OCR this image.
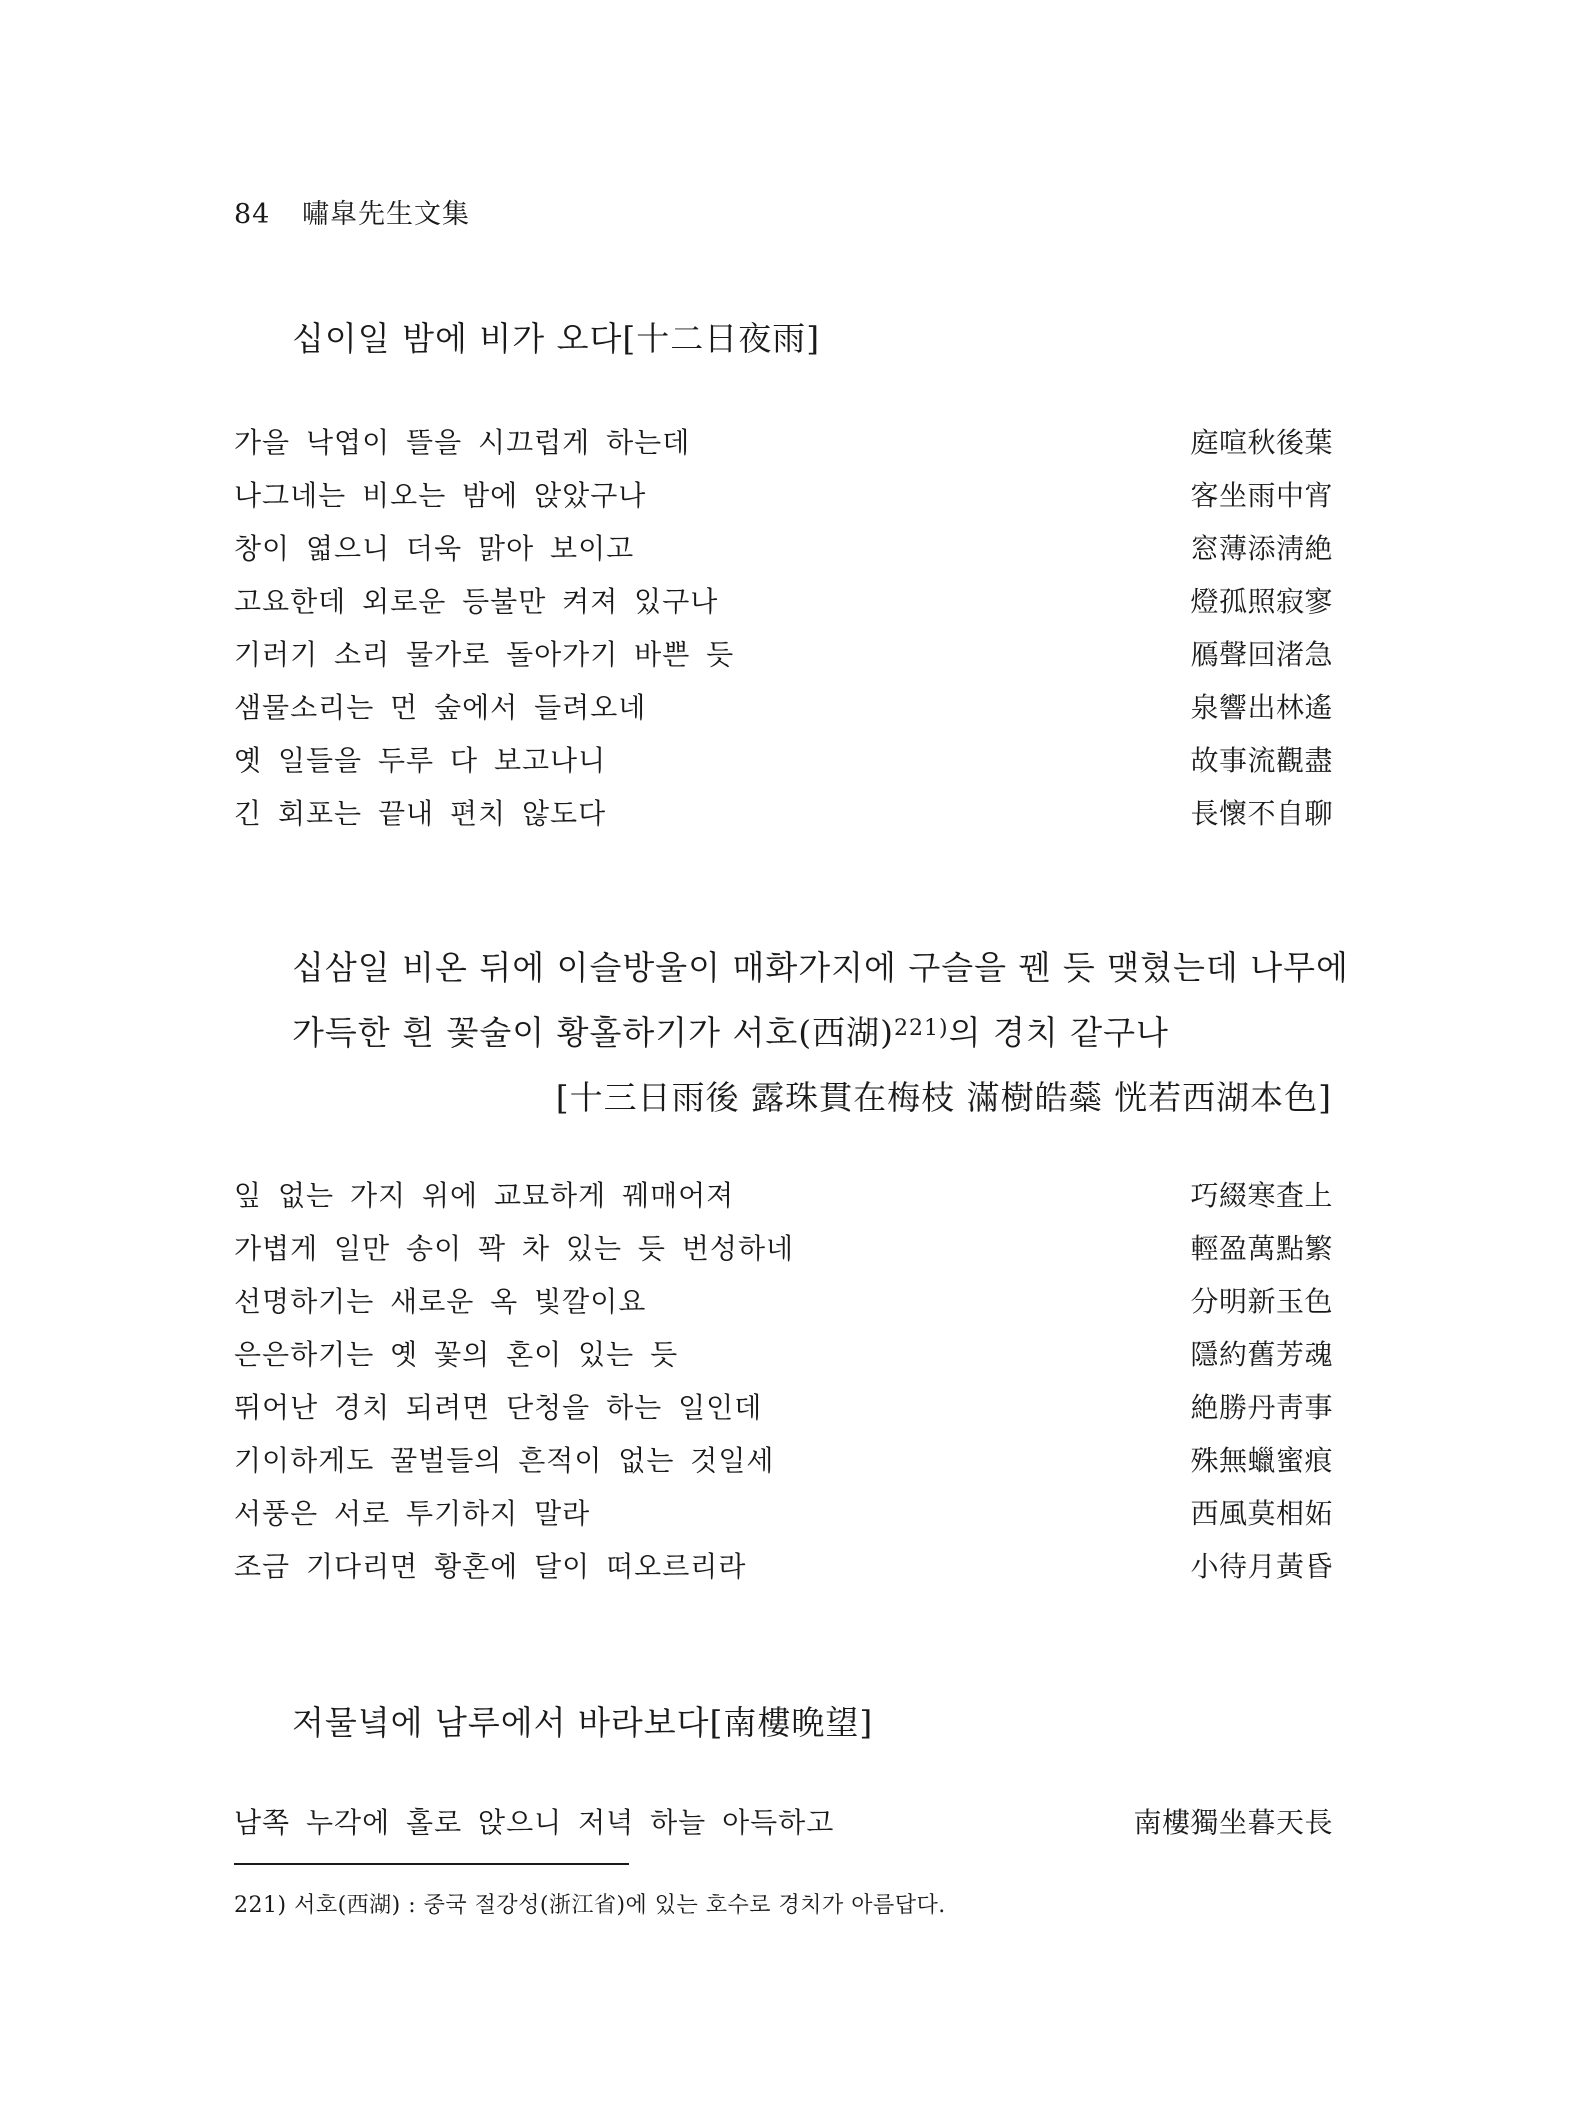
84 嘯皐先生文集
십이일 밤에 비가 오다[十二日夜雨]
가을 낙엽이 뜰을 시끄럽게 하는데	庭喧秋後葉
나그네는 비오는 밤에 앉았구나	客坐雨中宵
창이 엷으니 더욱 맑아 보이고	窓薄添淸絶
고요한데 외로운 등불만 켜져 있구나	燈孤照寂寥
기러기 소리 물가로 돌아가기 바쁜 듯	鴈聲回渚急
샘물소리는 먼 숲에서 들려오네	泉響出林遙
옛 일들을 두루 다 보고나니	故事流觀盡
긴 회포는 끝내 편치 않도다	長懷不自聊
십삼일 비온 뒤에 이슬방울이 매화가지에 구슬을 꿴 듯 맺혔는데 나무에
가득한 흰 꽃술이 황홀하기가 서호(西湖)$^{221)}$의 경치 같구나
[十三日雨後 露珠貫在梅枝 滿樹皓蘂 恍若西湖本色]
잎 없는 가지 위에 교묘하게 꿰매어져	巧綴寒査上
가볍게 일만 송이 꽉 차 있는 듯 번성하네	輕盈萬點繁
선명하기는 새로운 옥 빛깔이요	分明新玉色
은은하기는 옛 꽃의 혼이 있는 듯	隱約舊芳魂
뛰어난 경치 되려면 단청을 하는 일인데	絶勝丹靑事
기이하게도 꿀벌들의 흔적이 없는 것일세	殊無蠟蜜痕
서풍은 서로 투기하지 말라	西風莫相妬
조금 기다리면 황혼에 달이 떠오르리라	小待月黃昏
저물녘에 남루에서 바라보다[南樓晩望]
남쪽 누각에 홀로 앉으니 저녁 하늘 아득하고	南樓獨坐暮天長
221) 서호(西湖) : 중국 절강성(浙江省)에 있는 호수로 경치가 아름답다.
